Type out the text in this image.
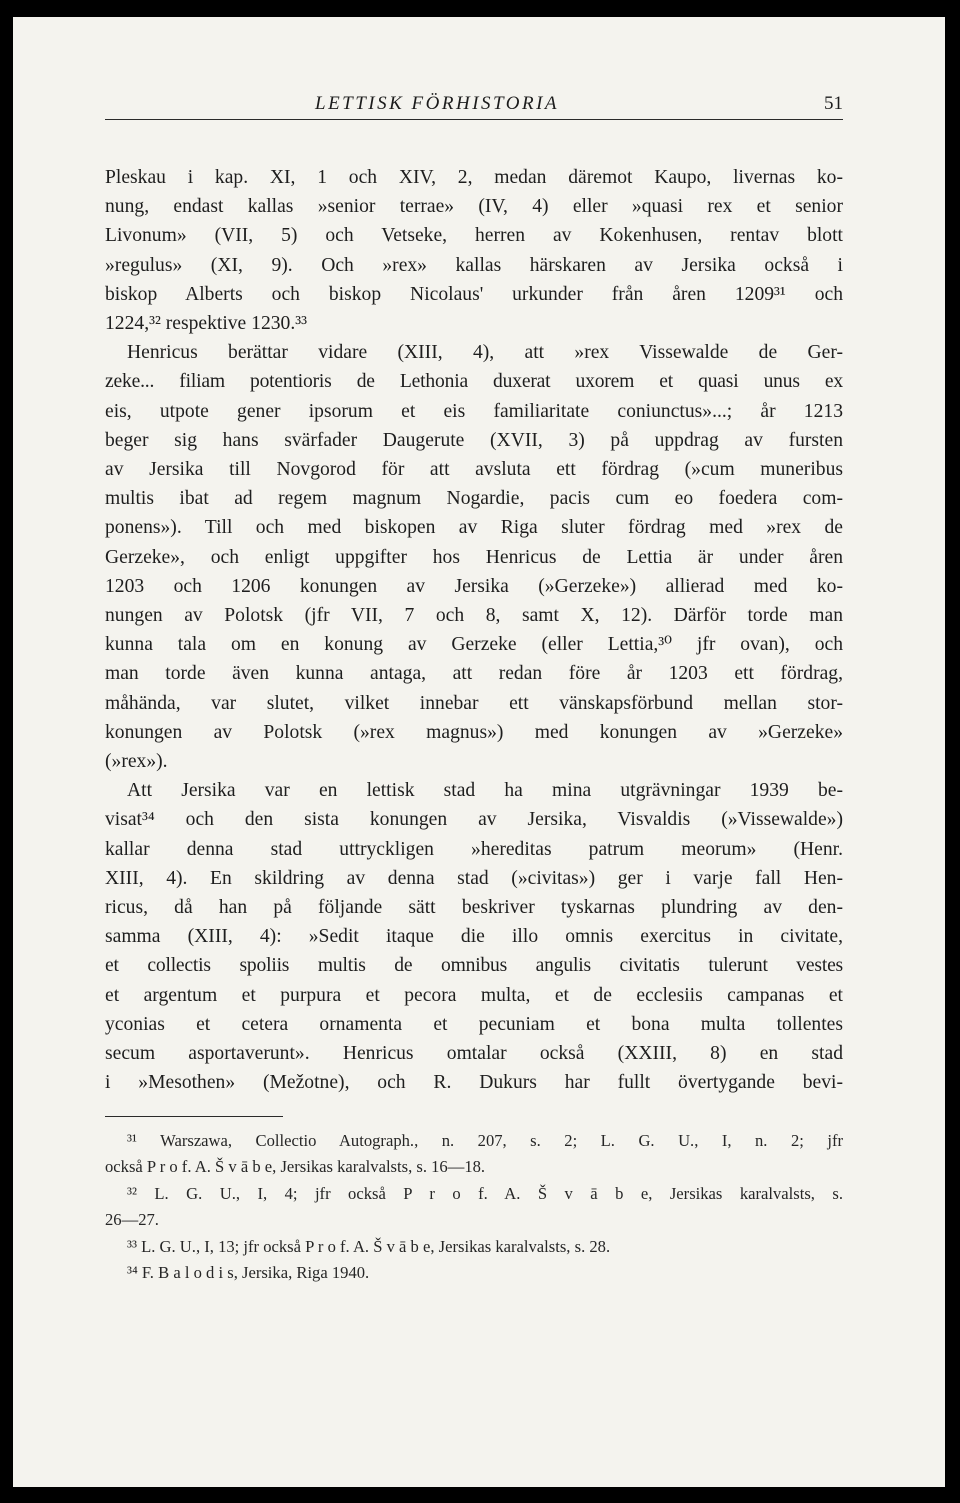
LETTISK FÖRHISTORIA	51
Pleskau i kap. XI, 1 och XIV, 2, medan däremot Kaupo, livernas ko-
nung, endast kallas »senior terrae» (IV, 4) eller »quasi rex et senior
Livonum» (VII, 5) och Vetseke, herren av Kokenhusen, rentav blott
»regulus» (XI, 9). Och »rex» kallas härskaren av Jersika också i
biskop Alberts och biskop Nicolaus' urkunder från åren 1209³¹ och
1224,³² respektive 1230.³³
Henricus berättar vidare (XIII, 4), att »rex Vissewalde de Ger-
zeke... filiam potentioris de Lethonia duxerat uxorem et quasi unus ex
eis, utpote gener ipsorum et eis familiaritate coniunctus»...; år 1213
beger sig hans svärfader Daugerute (XVII, 3) på uppdrag av fursten
av Jersika till Novgorod för att avsluta ett fördrag (»cum muneribus
multis ibat ad regem magnum Nogardie, pacis cum eo foedera com-
ponens»). Till och med biskopen av Riga sluter fördrag med »rex de
Gerzeke», och enligt uppgifter hos Henricus de Lettia är under åren
1203 och 1206 konungen av Jersika (»Gerzeke») allierad med ko-
nungen av Polotsk (jfr VII, 7 och 8, samt X, 12). Därför torde man
kunna tala om en konung av Gerzeke (eller Lettia,³⁰ jfr ovan), och
man torde även kunna antaga, att redan före år 1203 ett fördrag,
måhända, var slutet, vilket innebar ett vänskapsförbund mellan stor-
konungen av Polotsk (»rex magnus») med konungen av »Gerzeke»
(»rex»).
Att Jersika var en lettisk stad ha mina utgrävningar 1939 be-
visat³⁴ och den sista konungen av Jersika, Visvaldis (»Vissewalde»)
kallar denna stad uttryckligen »hereditas patrum meorum» (Henr.
XIII, 4). En skildring av denna stad (»civitas») ger i varje fall Hen-
ricus, då han på följande sätt beskriver tyskarnas plundring av den-
samma (XIII, 4): »Sedit itaque die illo omnis exercitus in civitate,
et collectis spoliis multis de omnibus angulis civitatis tulerunt vestes
et argentum et purpura et pecora multa, et de ecclesiis campanas et
yconias et cetera ornamenta et pecuniam et bona multa tollentes
secum asportaverunt». Henricus omtalar också (XXIII, 8) en stad
i »Mesothen» (Mežotne), och R. Dukurs har fullt övertygande bevi-
³¹ Warszawa, Collectio Autograph., n. 207, s. 2; L. G. U., I, n. 2; jfr
också P r o f. A. Š v ā b e, Jersikas karalvalsts, s. 16—18.
³² L. G. U., I, 4; jfr också P r o f. A. Š v ā b e, Jersikas karalvalsts, s.
26—27.
³³ L. G. U., I, 13; jfr också P r o f. A. Š v ā b e, Jersikas karalvalsts, s. 28.
³⁴ F. B a l o d i s, Jersika, Riga 1940.
